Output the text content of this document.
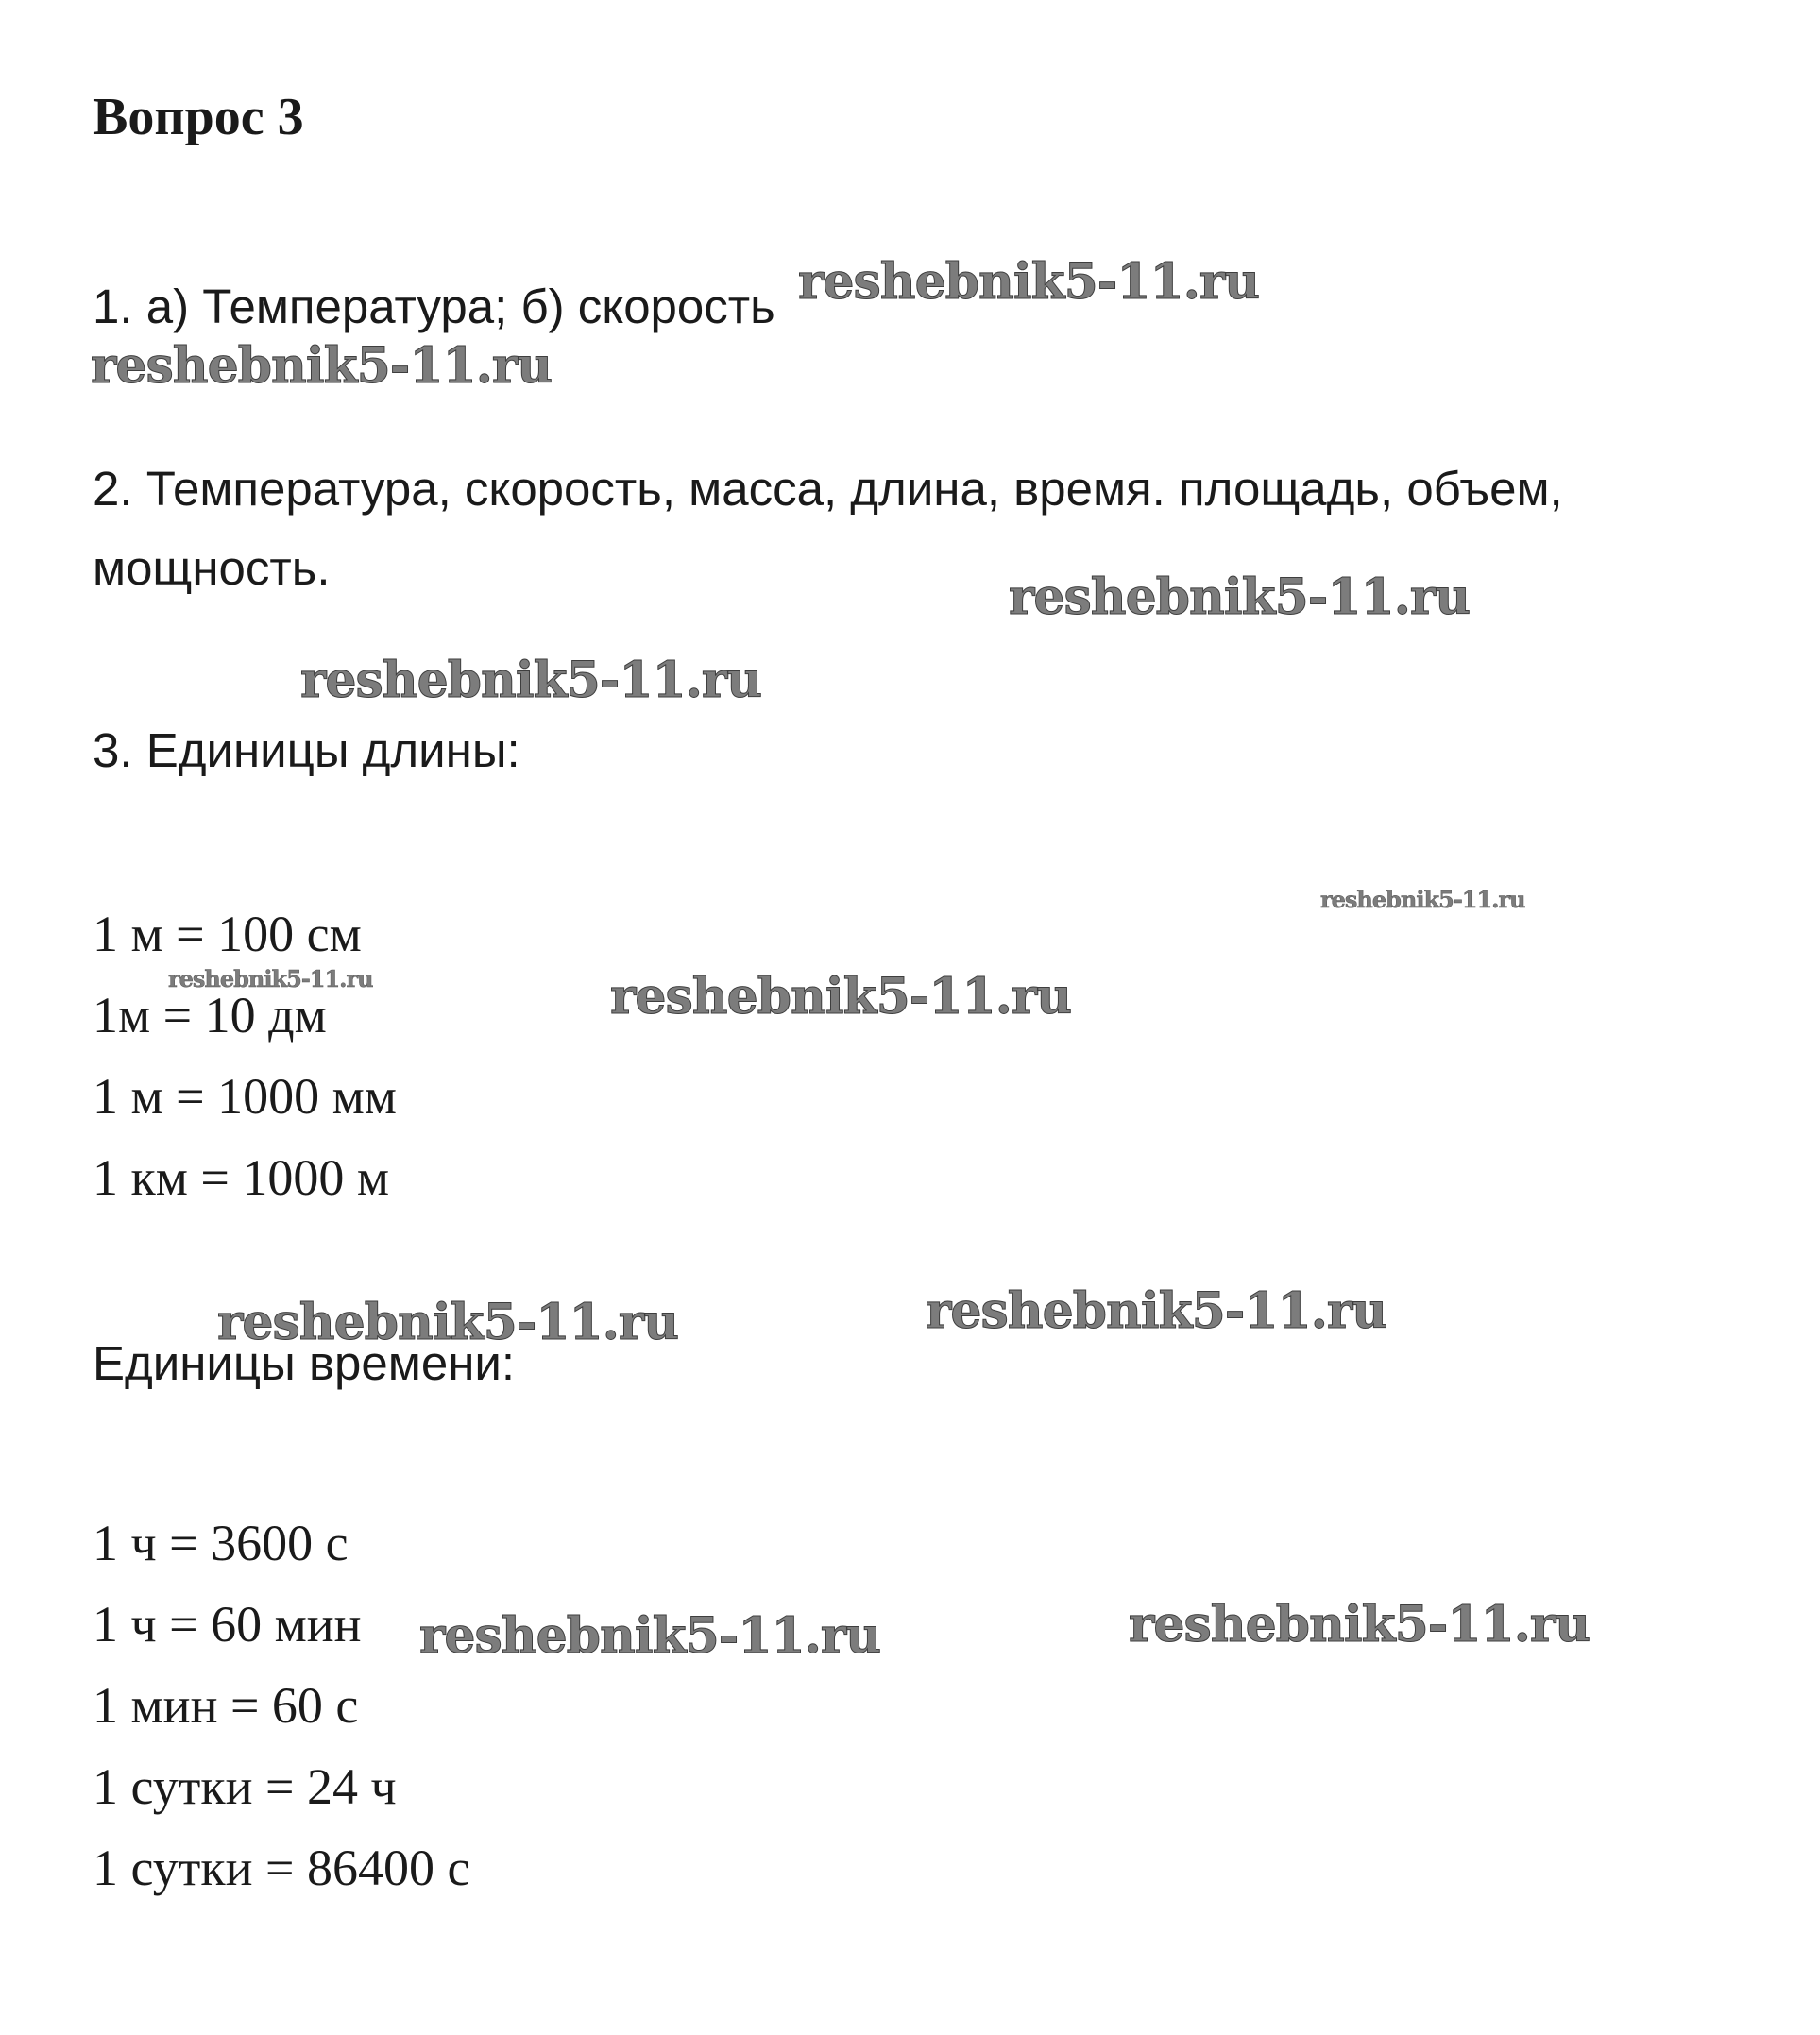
Вопрос 3
1. а) Температура; б) скорость
2. Температура, скорость, масса, длина, время. площадь, объем,
мощность.
3. Единицы длины:
1 м = 100 см
1м = 10 дм
1 м = 1000 мм
1 км = 1000 м
Единицы времени:
1 ч = 3600 с
1 ч = 60 мин
1 мин = 60 с
1 сутки = 24 ч
1 сутки = 86400 с
reshebnik5-11.ru
reshebnik5-11.ru
reshebnik5-11.ru
reshebnik5-11.ru
reshebnik5-11.ru
reshebnik5-11.ru	reshebnik5-11.ru
reshebnik5-11.ru
reshebnik5-11.ru
reshebnik5-11.ru
reshebnik5-11.ru
